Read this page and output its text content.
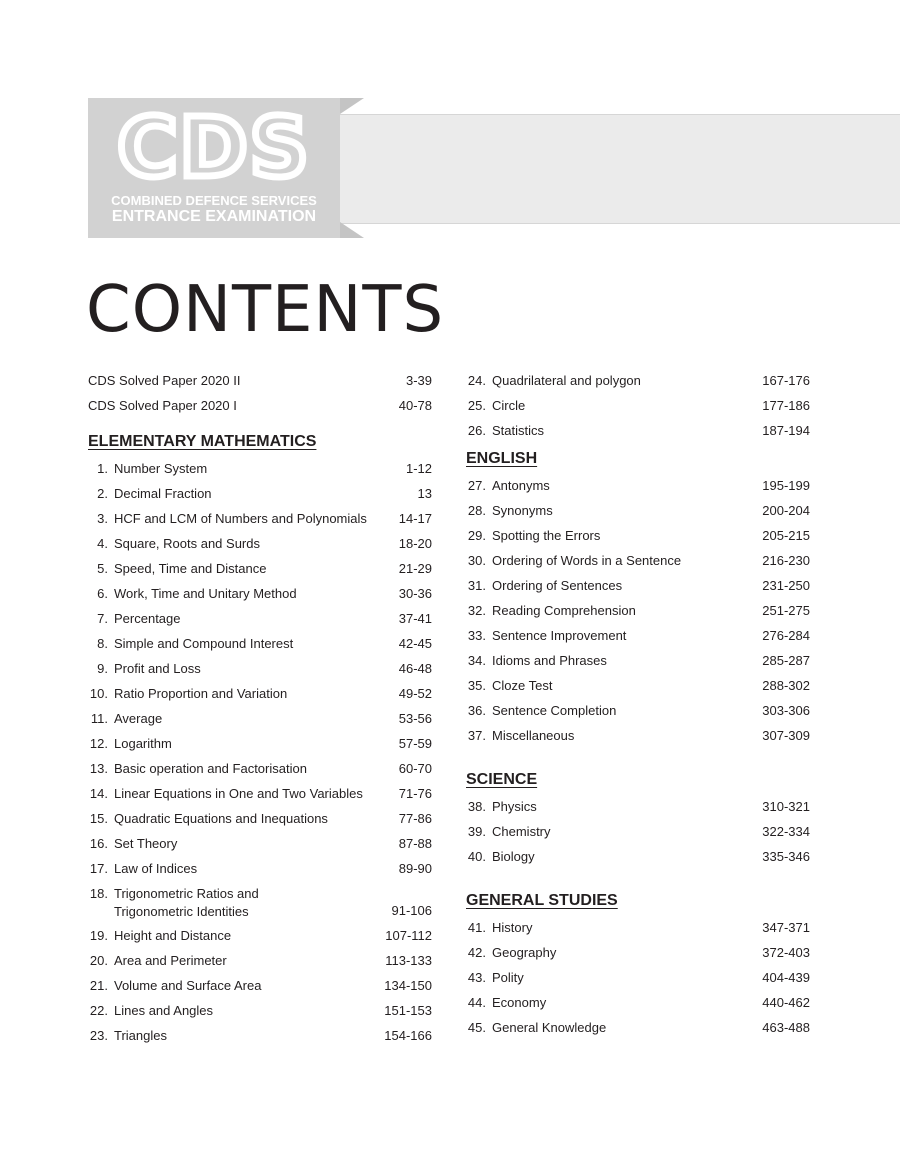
CDS
COMBINED DEFENCE SERVICES
ENTRANCE EXAMINATION
CONTENTS
CDS Solved Paper 2020 II	3-39
CDS Solved Paper 2020 I	40-78
ELEMENTARY MATHEMATICS
1. Number System	1-12
2. Decimal Fraction	13
3. HCF and LCM of Numbers and Polynomials	14-17
4. Square, Roots and Surds	18-20
5. Speed, Time and Distance	21-29
6. Work, Time and Unitary Method	30-36
7. Percentage	37-41
8. Simple and Compound Interest	42-45
9. Profit and Loss	46-48
10. Ratio Proportion and Variation	49-52
11. Average	53-56
12. Logarithm	57-59
13. Basic operation and Factorisation	60-70
14. Linear Equations in One and Two Variables	71-76
15. Quadratic Equations and Inequations	77-86
16. Set Theory	87-88
17. Law of Indices	89-90
18. Trigonometric Ratios and
Trigonometric Identities	91-106
19. Height and Distance	107-112
20. Area and Perimeter	113-133
21. Volume and Surface Area	134-150
22. Lines and Angles	151-153
23. Triangles	154-166
24. Quadrilateral and polygon	167-176
25. Circle	177-186
26. Statistics	187-194
ENGLISH
27. Antonyms	195-199
28. Synonyms	200-204
29. Spotting the Errors	205-215
30. Ordering of Words in a Sentence	216-230
31. Ordering of Sentences	231-250
32. Reading Comprehension	251-275
33. Sentence Improvement	276-284
34. Idioms and Phrases	285-287
35. Cloze Test	288-302
36. Sentence Completion	303-306
37. Miscellaneous	307-309
SCIENCE
38. Physics	310-321
39. Chemistry	322-334
40. Biology	335-346
GENERAL STUDIES
41. History	347-371
42. Geography	372-403
43. Polity	404-439
44. Economy	440-462
45. General Knowledge	463-488
